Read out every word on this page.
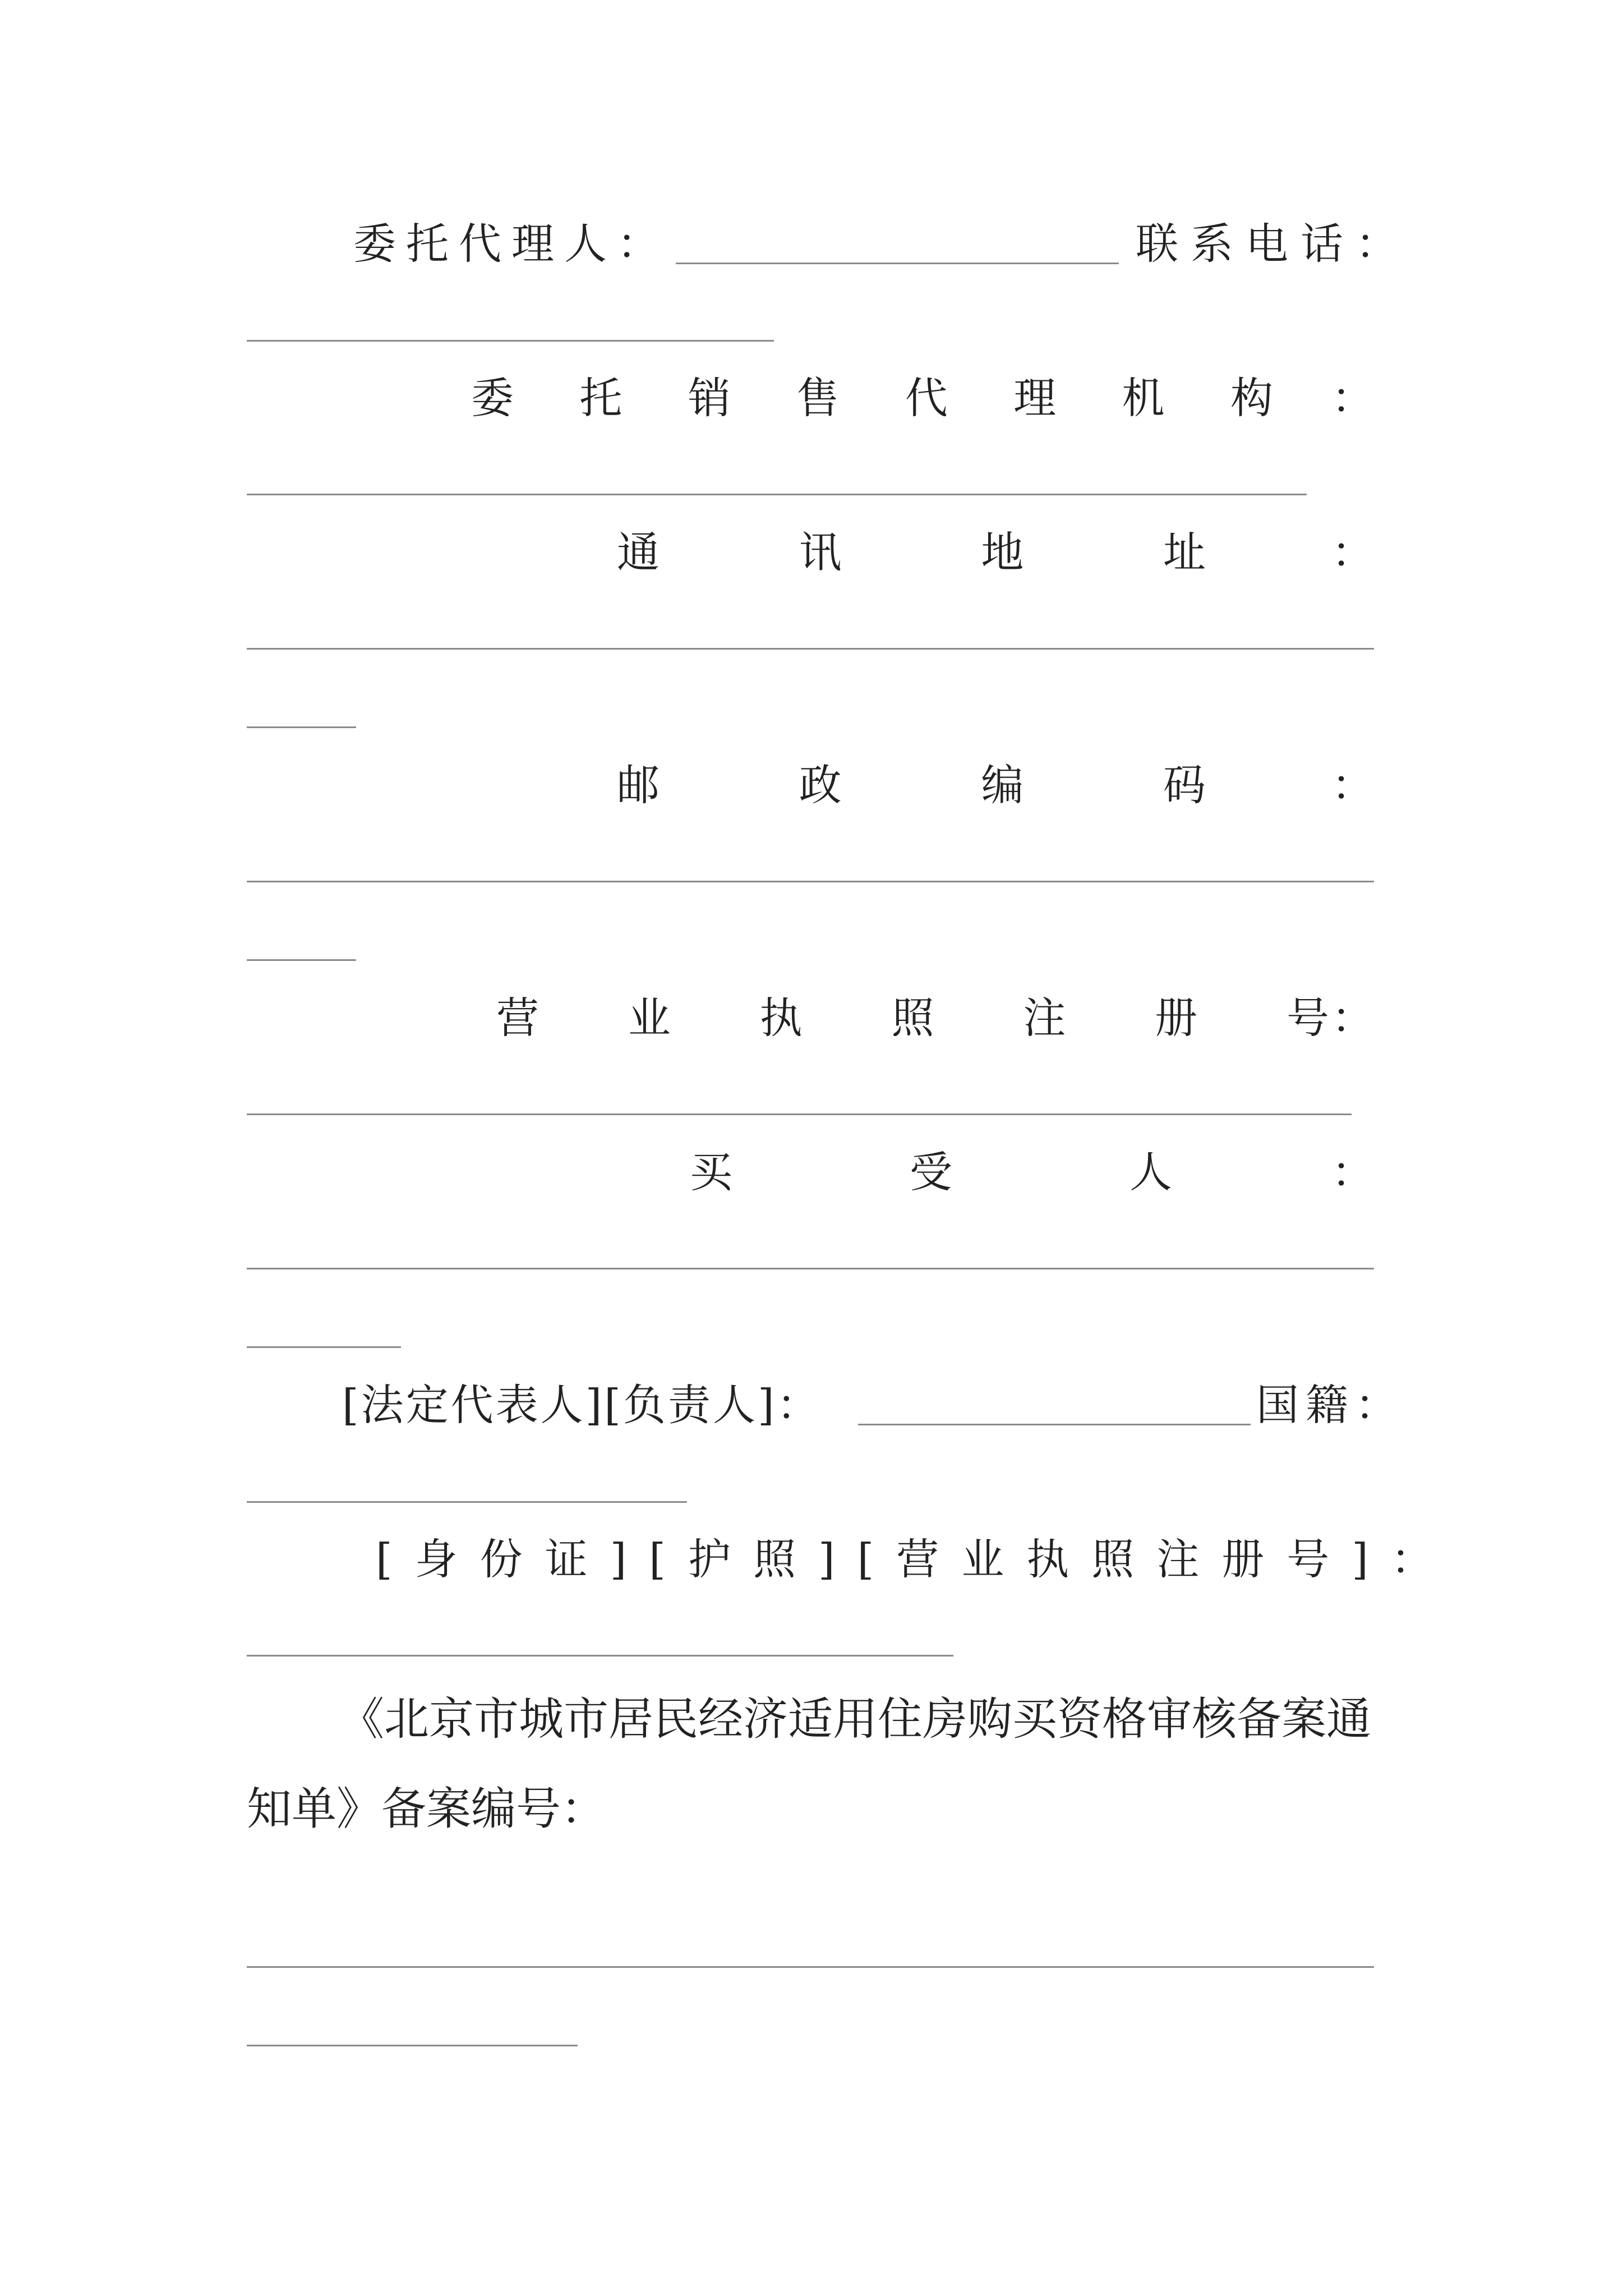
委托代理人：	联系电话：
委 托 销 售 代 理 机 构 ：
通	讯	地	址	：
邮	政	编	码	：
营 业 执 照 注 册 号 ：
买	受	人	：
[法定代表人][负责人]：	国籍：
[身份证][护照][营业执照注册号]：
《北京市城市居民经济适用住房购买资格审核备案通
知单》备案编号：
